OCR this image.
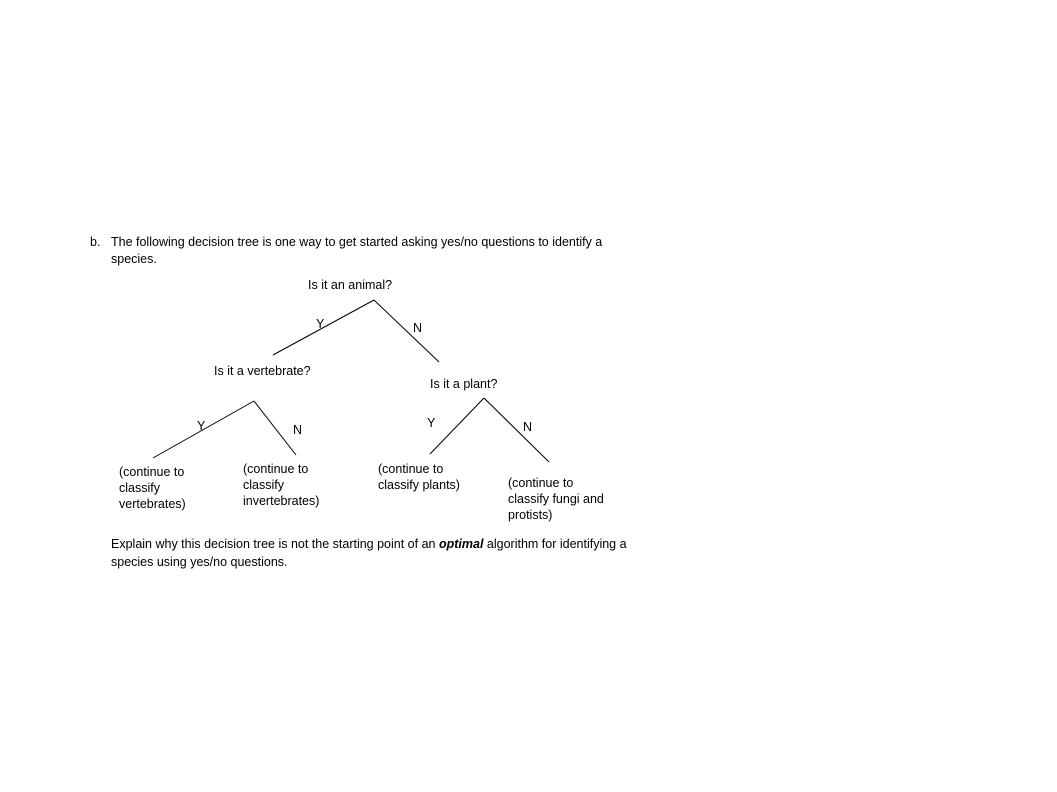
b. The following decision tree is one way to get started asking yes/no questions to identify a
species.
Is it an animal?
Y	N
Is it a vertebrate?
Y	N
Is it a plant?
Y	N
(continue to
classify
vertebrates)
(continue to
classify
invertebrates)
(continue to
classify plants)	(continue to
classify fungi and
protists)
Explain why this decision tree is not the starting point of an optimal algorithm for identifying a
species using yes/no questions.
